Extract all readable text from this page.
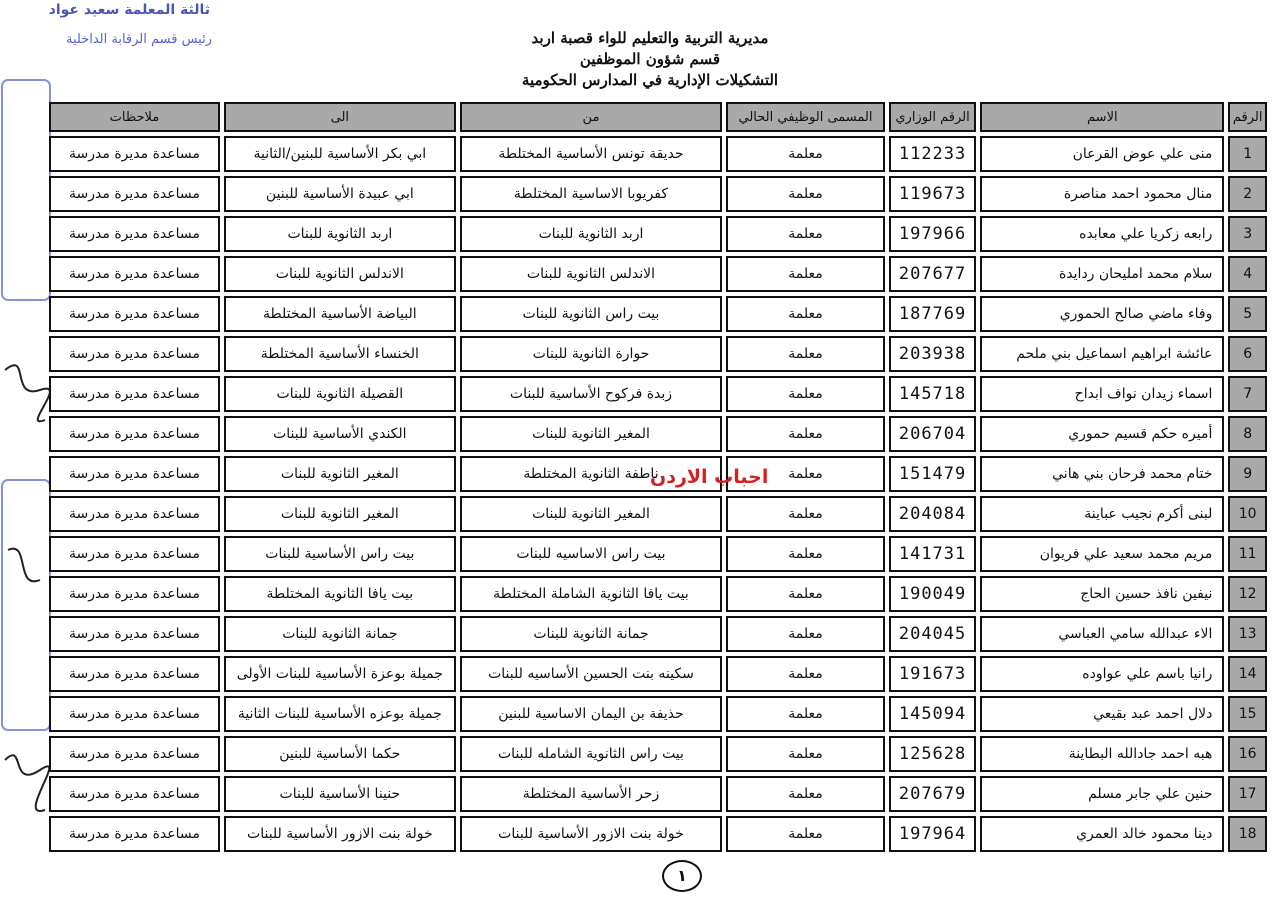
ثالثة المعلمة سعيد عواد
رئيس قسم الرقابة الداخلية	مديرية التربية والتعليم للواء قصبة اربد
قسم شؤون الموظفين
التشكيلات الإدارية في المدارس الحكومية
الرقم	الاسم	الرقم الوزاري	المسمى الوظيفي الحالي	من	الى	ملاحظات
1	منى علي عوض القرعان	112233	معلمة	حديقة تونس الأساسية المختلطة	ابي بكر الأساسية للبنين/الثانية	مساعدة مديرة مدرسة
2	منال محمود احمد مناصرة	119673	معلمة	كفريوبا الاساسية المختلطة	ابي عبيدة الأساسية للبنين	مساعدة مديرة مدرسة
3	رابعه زكريا علي معابده	197966	معلمة	اربد الثانوية للبنات	اربد الثانوية للبنات	مساعدة مديرة مدرسة
4	سلام محمد امليحان ردايدة	207677	معلمة	الاندلس الثانوية للبنات	الاندلس الثانوية للبنات	مساعدة مديرة مدرسة
5	وفاء ماضي صالح الحموري	187769	معلمة	بيت راس الثانوية للبنات	البياضة الأساسية المختلطة	مساعدة مديرة مدرسة
6	عائشة ابراهيم اسماعيل بني ملحم	203938	معلمة	حوارة الثانوية للبنات	الخنساء الأساسية المختلطة	مساعدة مديرة مدرسة
7	اسماء زيدان نواف ابداح	145718	معلمة	زبدة فركوح الأساسية للبنات	القصيلة الثانوية للبنات	مساعدة مديرة مدرسة
8	أميره حكم قسيم حموري	206704	معلمة	المغير الثانوية للبنات	الكندي الأساسية للبنات	مساعدة مديرة مدرسة
9	ختام محمد فرحان بني هاني	151479	معلمة	ناطفة الثانوية المختلطة	المغير الثانوية للبنات	مساعدة مديرة مدرسة
10	لبنى أكرم نجيب عباينة	204084	معلمة	المغير الثانوية للبنات	المغير الثانوية للبنات	مساعدة مديرة مدرسة
11	مريم محمد سعيد علي فريوان	141731	معلمة	بيت راس الاساسيه للبنات	بيت راس الأساسية للبنات	مساعدة مديرة مدرسة
12	نيفين نافذ حسين الحاج	190049	معلمة	بيت يافا الثانوية الشاملة المختلطة	بيت يافا الثانوية المختلطة	مساعدة مديرة مدرسة
13	الاء عبدالله سامي العباسي	204045	معلمة	جمانة الثانوية للبنات	جمانة الثانوية للبنات	مساعدة مديرة مدرسة
14	رانيا باسم علي عواوده	191673	معلمة	سكينه بنت الحسين الأساسيه للبنات	جميلة بوعزة الأساسية للبنات الأولى	مساعدة مديرة مدرسة
15	دلال احمد عبد بقيعي	145094	معلمة	حذيفة بن اليمان الاساسية للبنين	جميلة بوعزه الأساسية للبنات الثانية	مساعدة مديرة مدرسة
16	هبه احمد جادالله البطاينة	125628	معلمة	بيت راس الثانوية الشامله للبنات	حكما الأساسية للبنين	مساعدة مديرة مدرسة
17	حنين علي جابر مسلم	207679	معلمة	زحر الأساسية المختلطة	حنينا الأساسية للبنات	مساعدة مديرة مدرسة
18	دينا محمود خالد العمري	197964	معلمة	خولة بنت الازور الأساسية للبنات	خولة بنت الازور الأساسية للبنات	مساعدة مديرة مدرسة
احباب الاردن
١
